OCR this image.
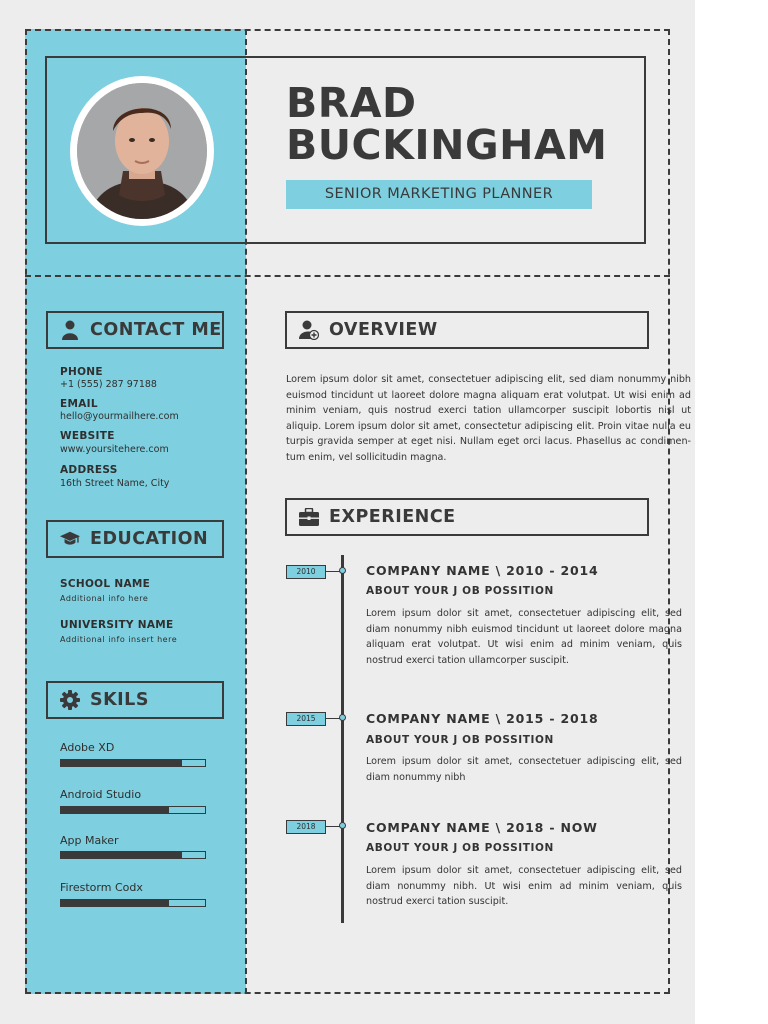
BRAD
BUCKINGHAM
SENIOR MARKETING PLANNER
CONTACT ME
PHONE
+1 (555) 287 97188
EMAIL
hello@yourmailhere.com
WEBSITE
www.yoursitehere.com
ADDRESS
16th Street Name, City
EDUCATION
SCHOOL NAME
Additional info here
UNIVERSITY NAME
Additional info insert here
SKILS
Adobe XD
Android Studio
App Maker
Firestorm Codx
OVERVIEW
Lorem ipsum dolor sit amet, consectetuer adipiscing elit, sed diam nonummy nibh euismod tincidunt ut laoreet dolore magna aliquam erat volutpat. Ut wisi enim ad minim veniam, quis nostrud exerci tation ullamcorper suscipit lobortis nisl ut aliquip. Lorem ipsum dolor sit amet, consectetur adipiscing elit. Proin vitae nulla eu turpis gravida semper at eget nisi. Nullam eget orci lacus. Phasellus ac condimen-tum enim, vel sollicitudin magna.
EXPERIENCE
2010	COMPANY NAME \ 2010 - 2014
ABOUT YOUR J OB POSSITION
Lorem ipsum dolor sit amet, consectetuer adipiscing elit, sed diam nonummy nibh euismod tincidunt ut laoreet dolore magna aliquam erat volutpat. Ut wisi enim ad minim veniam, quis nostrud exerci tation ullamcorper suscipit.
2015	COMPANY NAME \ 2015 - 2018
ABOUT YOUR J OB POSSITION
Lorem ipsum dolor sit amet, consectetuer adipiscing elit, sed diam nonummy nibh
2018	COMPANY NAME \ 2018 - NOW
ABOUT YOUR J OB POSSITION
Lorem ipsum dolor sit amet, consectetuer adipiscing elit, sed diam nonummy nibh. Ut wisi enim ad minim veniam, quis nostrud exerci tation suscipit.
